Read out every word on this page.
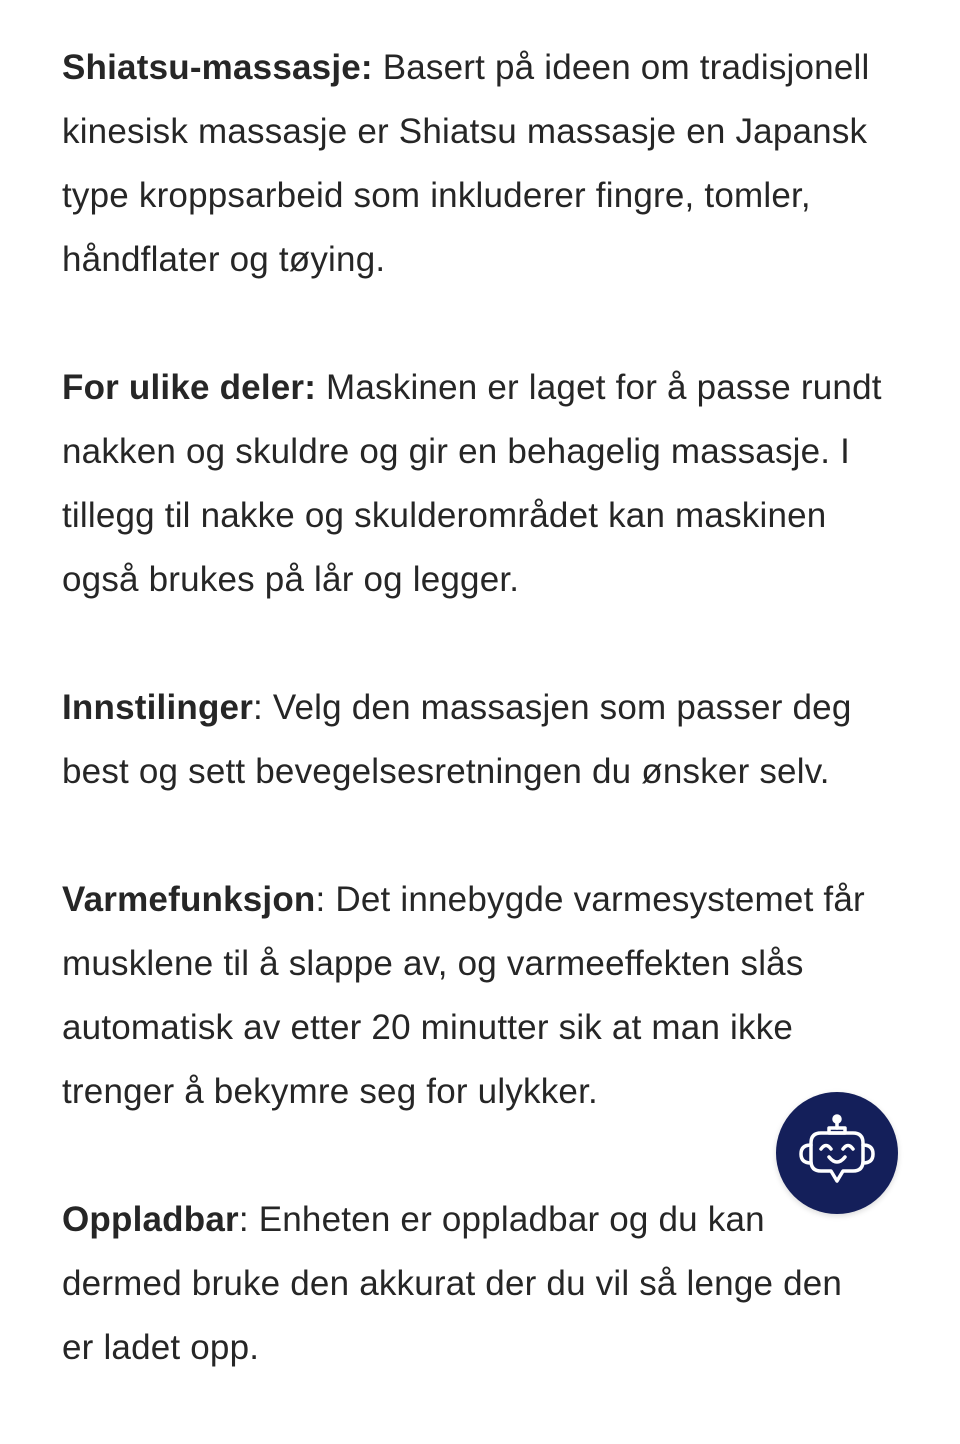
Shiatsu-massasje: Basert på ideen om tradisjonell
kinesisk massasje er Shiatsu massasje en Japansk
type kroppsarbeid som inkluderer fingre, tomler,
håndflater og tøying.
For ulike deler: Maskinen er laget for å passe rundt
nakken og skuldre og gir en behagelig massasje. I
tillegg til nakke og skulderområdet kan maskinen
også brukes på lår og legger.
Innstilinger: Velg den massasjen som passer deg
best og sett bevegelsesretningen du ønsker selv.
Varmefunksjon: Det innebygde varmesystemet får
musklene til å slappe av, og varmeeffekten slås
automatisk av etter 20 minutter sik at man ikke
trenger å bekymre seg for ulykker.
Oppladbar: Enheten er oppladbar og du kan
dermed bruke den akkurat der du vil så lenge den
er ladet opp.
